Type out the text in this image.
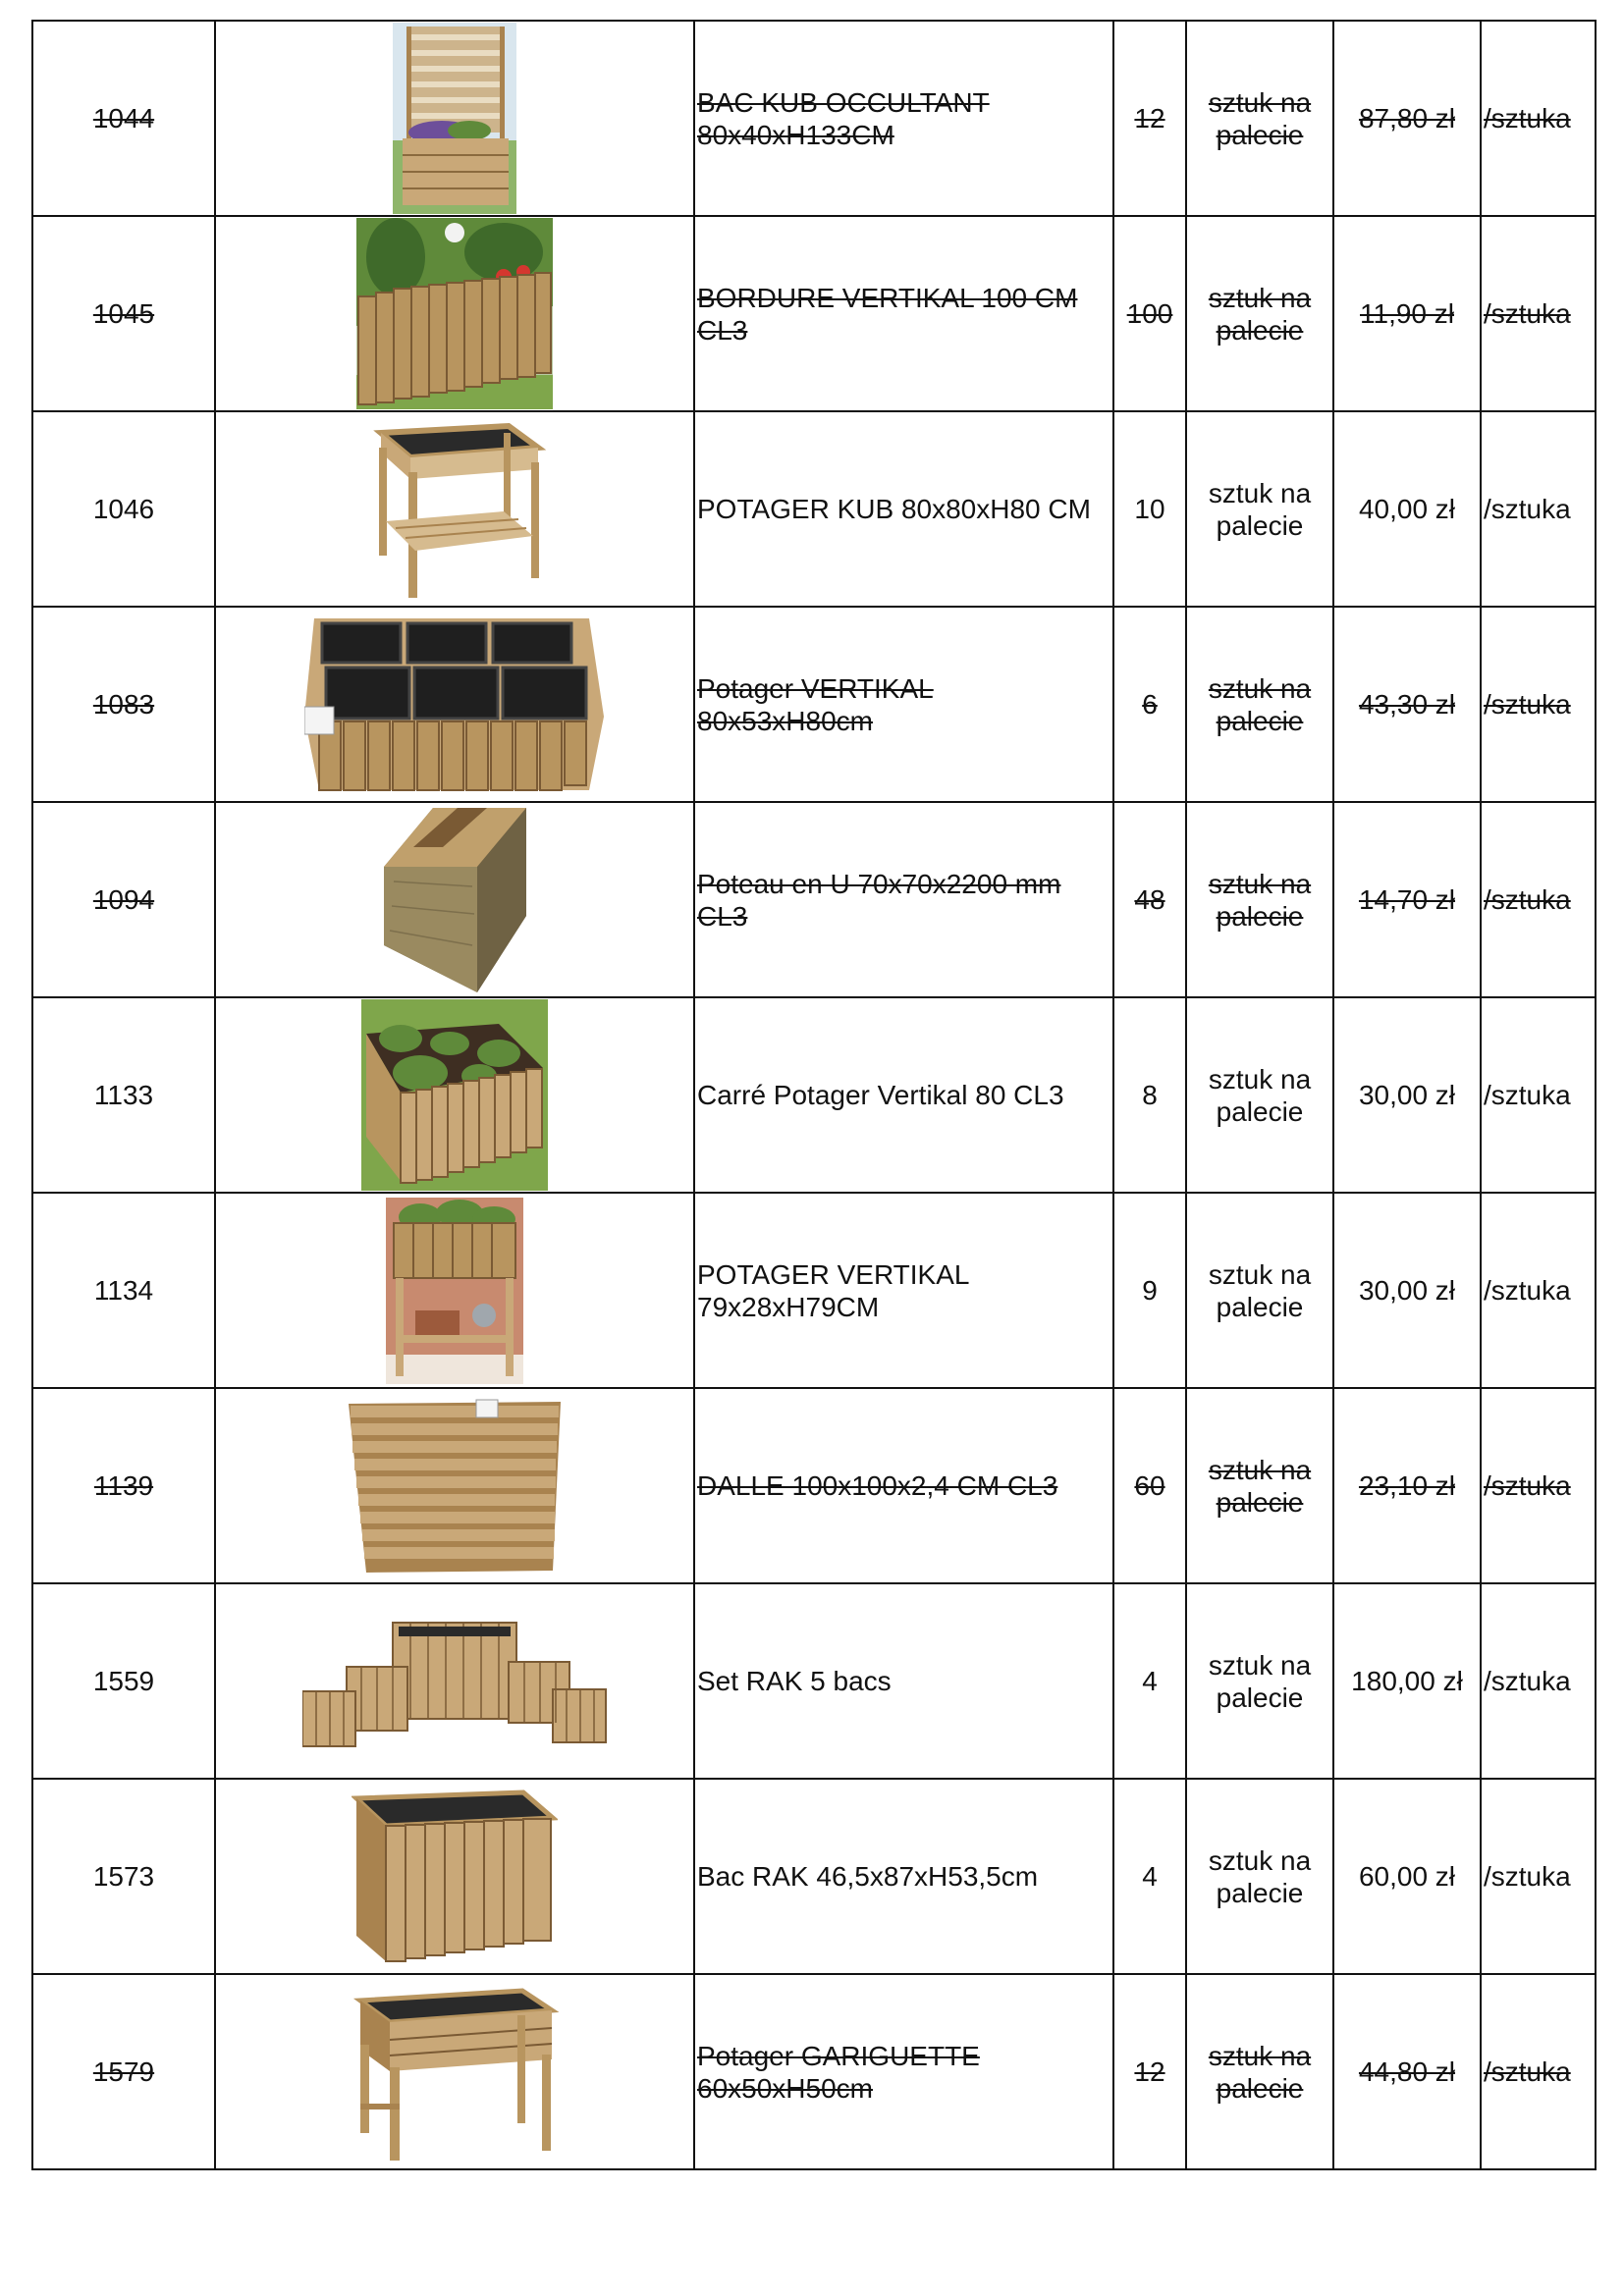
1044		BAC KUB OCCULTANT 80x40xH133CM	12	sztuk na palecie	87,80 zł	/sztuka
1045		BORDURE VERTIKAL 100 CM CL3	100	sztuk na palecie	11,90 zł	/sztuka
1046		POTAGER KUB 80x80xH80 CM	10	sztuk na palecie	40,00 zł	/sztuka
1083		Potager VERTIKAL 80x53xH80cm	6	sztuk na palecie	43,30 zł	/sztuka
1094		Poteau en U 70x70x2200 mm CL3	48	sztuk na palecie	14,70 zł	/sztuka
1133		Carré Potager Vertikal 80 CL3	8	sztuk na palecie	30,00 zł	/sztuka
1134		POTAGER VERTIKAL 79x28xH79CM	9	sztuk na palecie	30,00 zł	/sztuka
1139		DALLE 100x100x2,4 CM CL3	60	sztuk na palecie	23,10 zł	/sztuka
1559		Set RAK 5 bacs	4	sztuk na palecie	180,00 zł	/sztuka
1573		Bac RAK 46,5x87xH53,5cm	4	sztuk na palecie	60,00 zł	/sztuka
1579		Potager GARIGUETTE 60x50xH50cm	12	sztuk na palecie	44,80 zł	/sztuka
